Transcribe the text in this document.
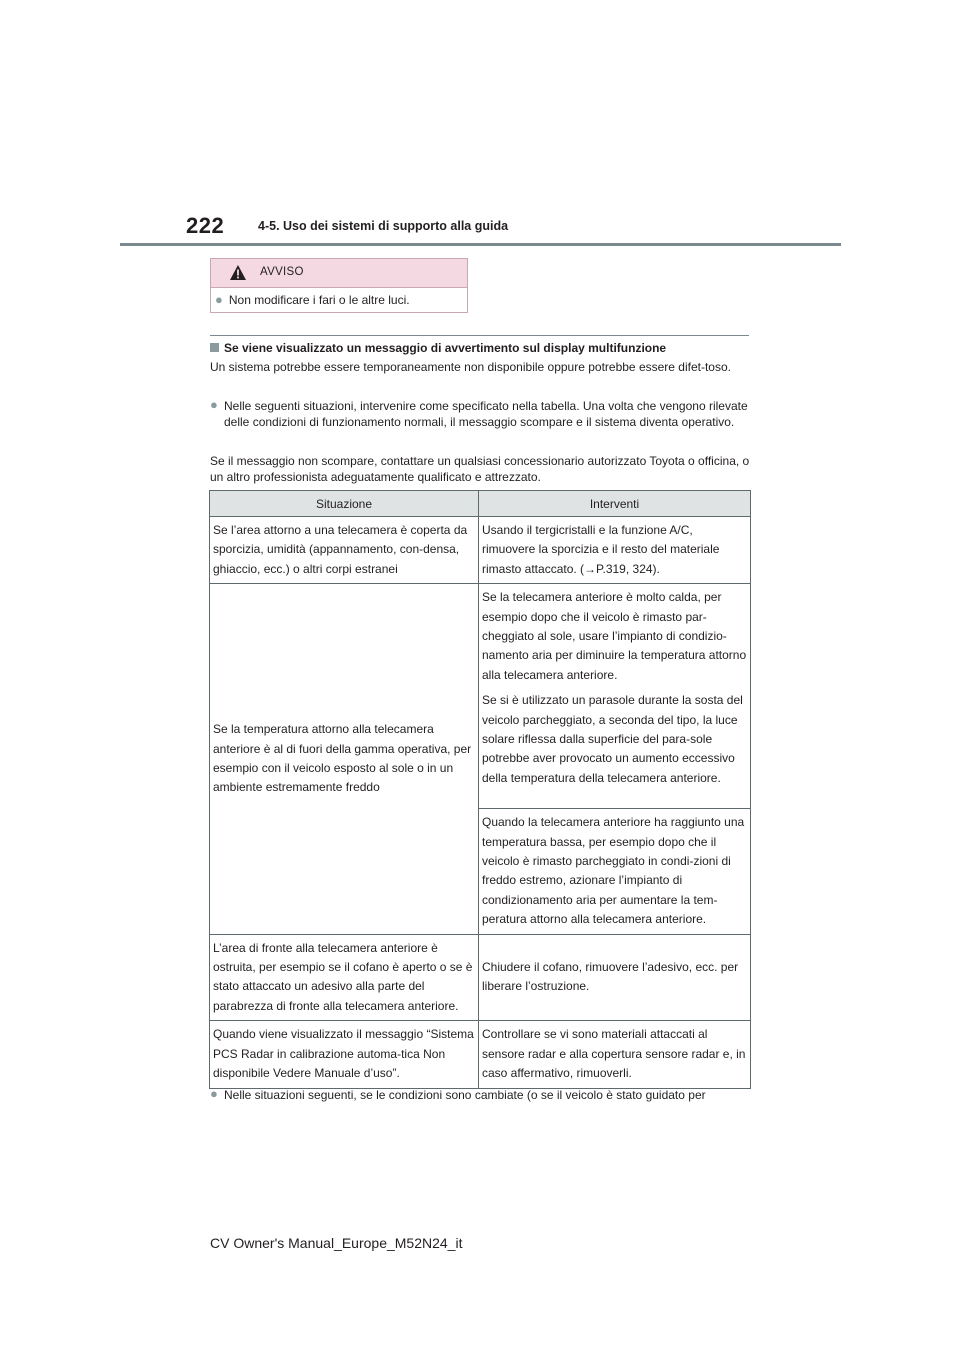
222	4-5. Uso dei sistemi di supporto alla guida
AVVISO
● Non modificare i fari o le altre luci.
Se viene visualizzato un messaggio di avvertimento sul display multifunzione
Un sistema potrebbe essere temporaneamente non disponibile oppure potrebbe essere difet-toso.
● Nelle seguenti situazioni, intervenire come specificato nella tabella. Una volta che vengono rilevate delle condizioni di funzionamento normali, il messaggio scompare e il sistema diventa operativo.
Se il messaggio non scompare, contattare un qualsiasi concessionario autorizzato Toyota o officina, o un altro professionista adeguatamente qualificato e attrezzato.
Situazione	Interventi
Se l’area attorno a una telecamera è coperta da sporcizia, umidità (appannamento, con-densa, ghiaccio, ecc.) o altri corpi estranei	Usando il tergicristalli e la funzione A/C, rimuovere la sporcizia e il resto del materiale rimasto attaccato. (→P.319, 324).
Se la temperatura attorno alla telecamera anteriore è al di fuori della gamma operativa, per esempio con il veicolo esposto al sole o in un ambiente estremamente freddo	Se la telecamera anteriore è molto calda, per esempio dopo che il veicolo è rimasto par-cheggiato al sole, usare l’impianto di condizio-namento aria per diminuire la temperatura attorno alla telecamera anteriore.

Se si è utilizzato un parasole durante la sosta del veicolo parcheggiato, a seconda del tipo, la luce solare riflessa dalla superficie del para-sole potrebbe aver provocato un aumento eccessivo della temperatura della telecamera anteriore.

	Quando la telecamera anteriore ha raggiunto una temperatura bassa, per esempio dopo che il veicolo è rimasto parcheggiato in condi-zioni di freddo estremo, azionare l’impianto di condizionamento aria per aumentare la tem-peratura attorno alla telecamera anteriore.
L’area di fronte alla telecamera anteriore è ostruita, per esempio se il cofano è aperto o se è stato attaccato un adesivo alla parte del parabrezza di fronte alla telecamera anteriore.	Chiudere il cofano, rimuovere l’adesivo, ecc. per liberare l’ostruzione.
Quando viene visualizzato il messaggio “Sistema PCS Radar in calibrazione automa-tica Non disponibile Vedere Manuale d’uso”.	Controllare se vi sono materiali attaccati al sensore radar e alla copertura sensore radar e, in caso affermativo, rimuoverli.
● Nelle situazioni seguenti, se le condizioni sono cambiate (o se il veicolo è stato guidato per
CV Owner's Manual_Europe_M52N24_it
